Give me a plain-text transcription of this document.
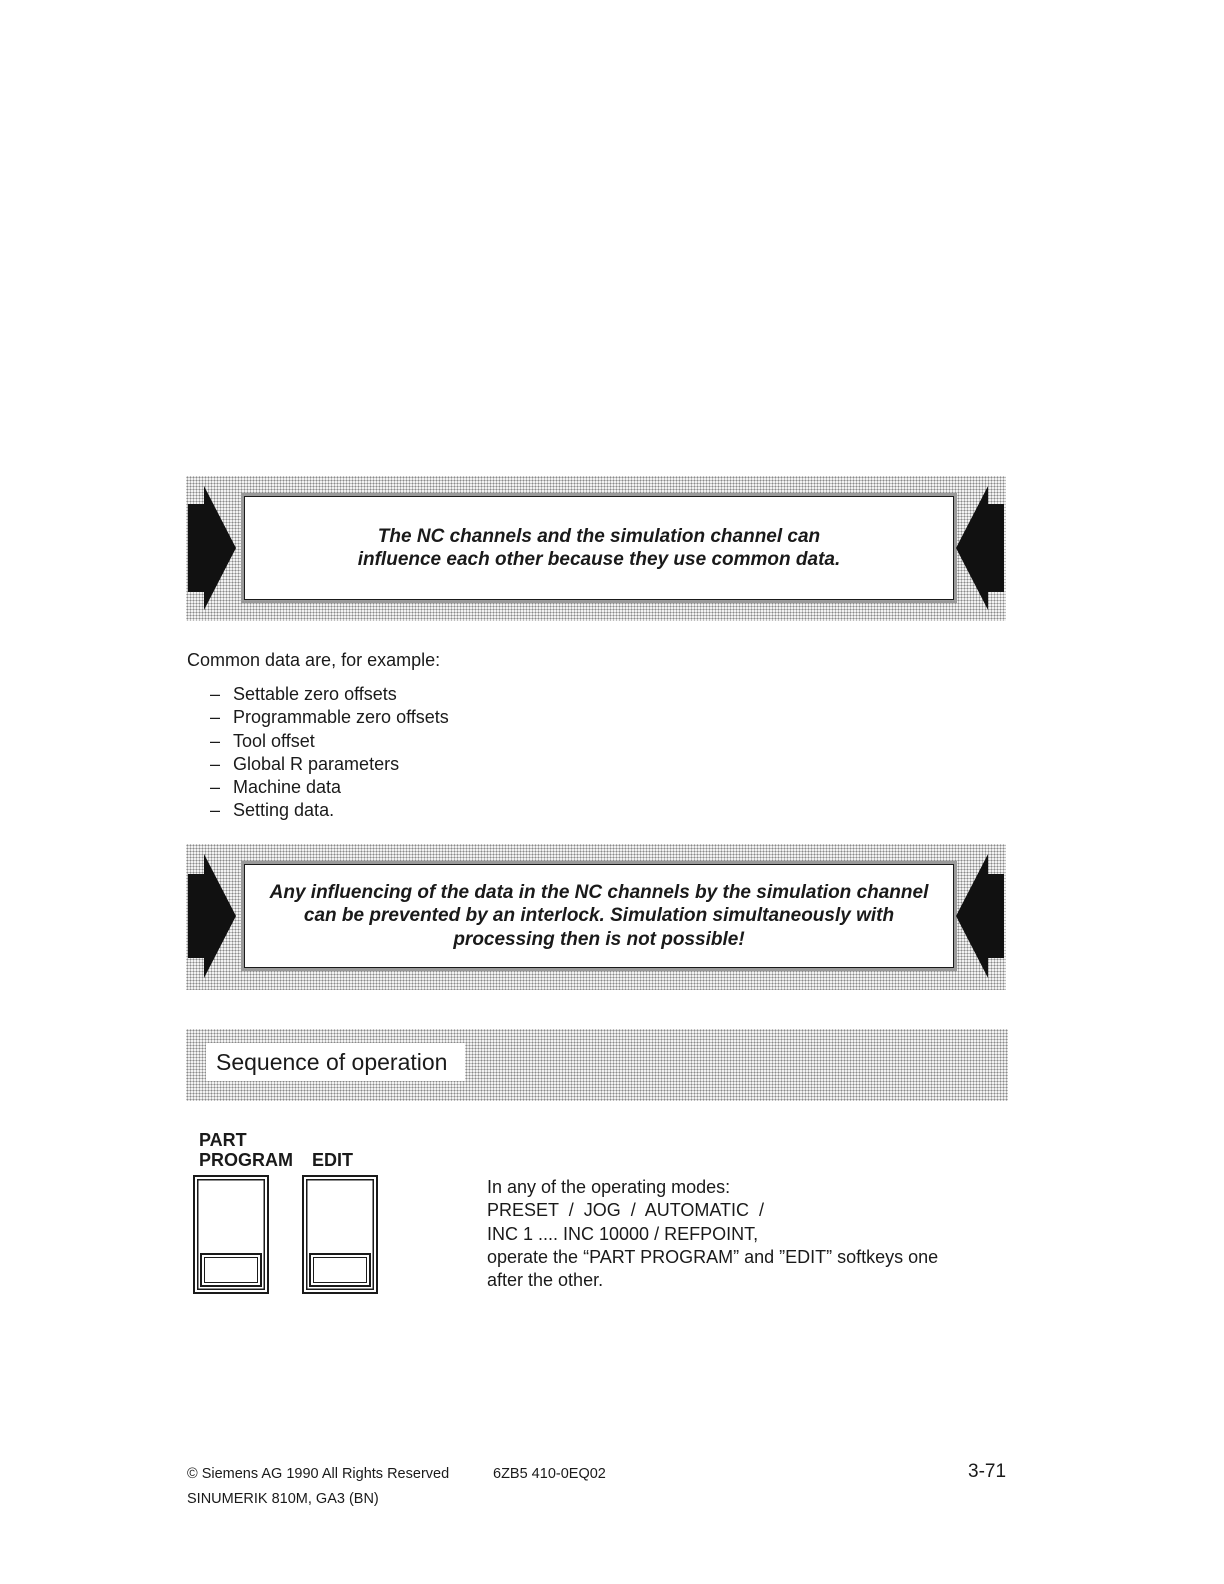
The NC channels and the simulation channel can
influence each other because they use common data.
Common data are, for example:
– Settable zero offsets
– Programmable zero offsets
– Tool offset
– Global R parameters
– Machine data
– Setting data.
Any influencing of the data in the NC channels by the simulation channel
can be prevented by an interlock. Simulation simultaneously with
processing then is not possible!
Sequence of operation
PART
PROGRAM EDIT
In any of the operating modes:
PRESET  /  JOG  /  AUTOMATIC  /
INC 1 .... INC 10000 / REFPOINT,
operate the “PART PROGRAM” and ”EDIT” softkeys one
after the other.
© Siemens AG 1990 All Rights Reserved	6ZB5 410-0EQ02	3-71
SINUMERIK 810M, GA3 (BN)
